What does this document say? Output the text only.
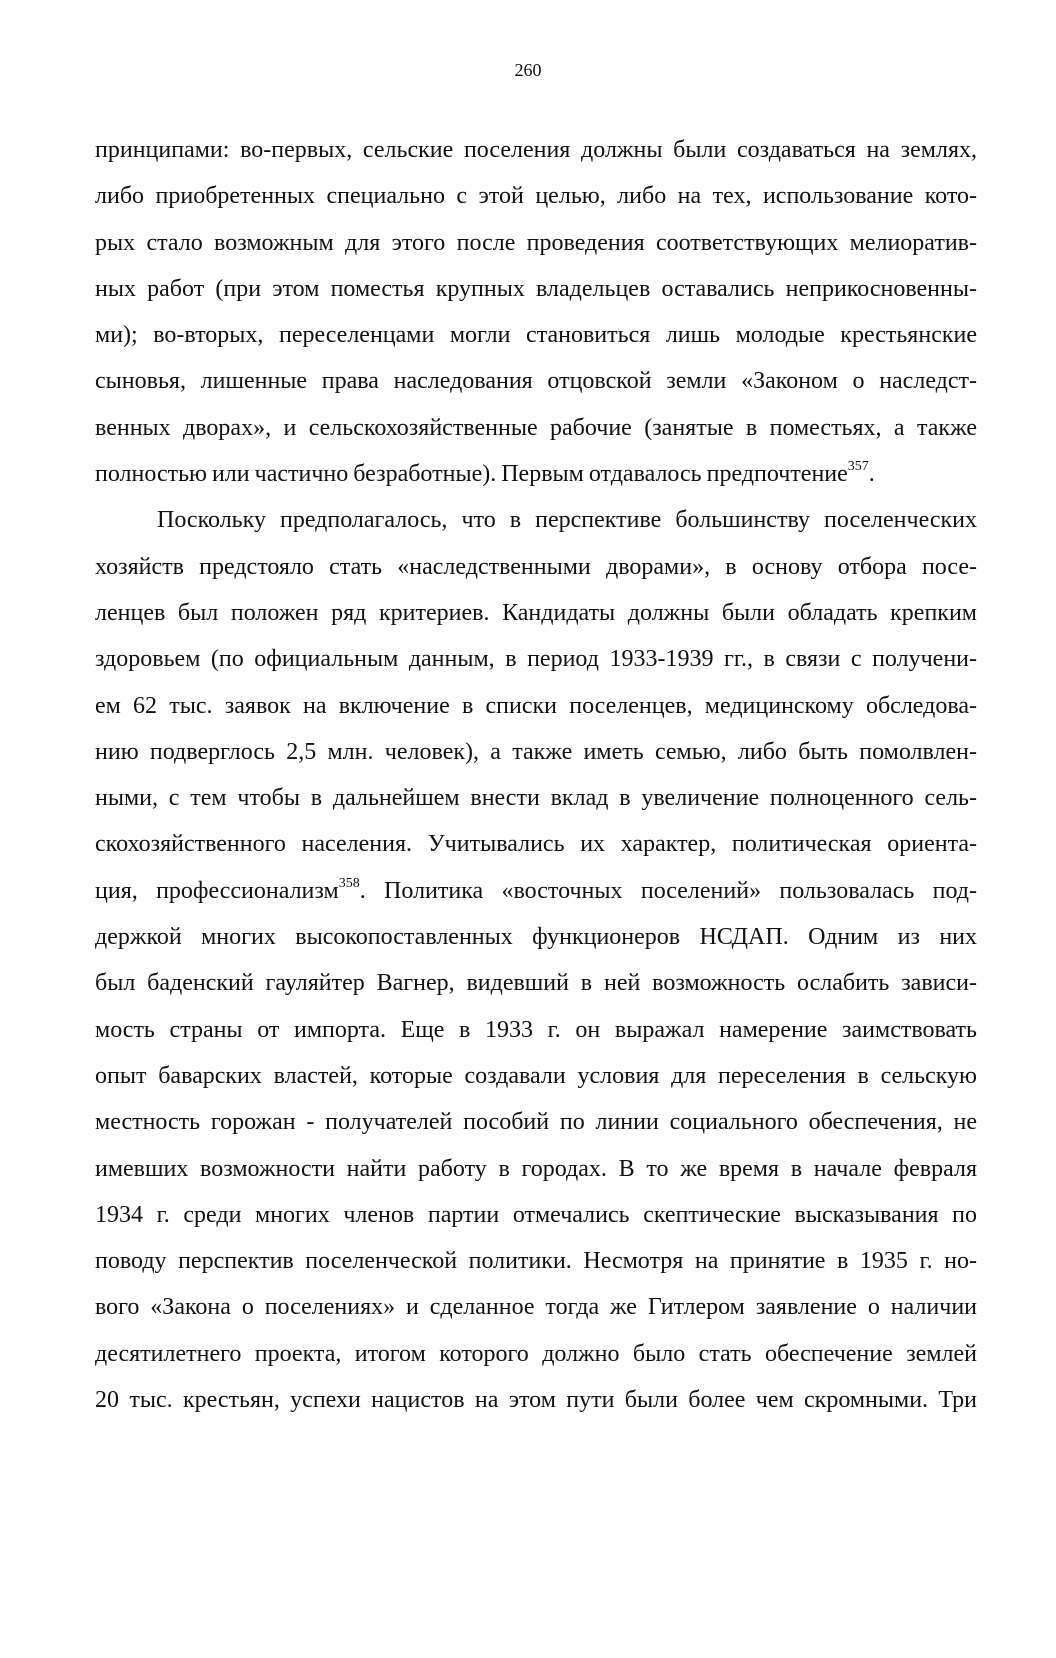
260
принципами: во-первых, сельские поселения должны были создаваться на землях,
либо приобретенных специально с этой целью, либо на тех, использование кото-
рых стало возможным для этого после проведения соответствующих мелиоратив-
ных работ (при этом поместья крупных владельцев оставались неприкосновенны-
ми); во-вторых, переселенцами могли становиться лишь молодые крестьянские
сыновья, лишенные права наследования отцовской земли «Законом о наследст-
венных дворах», и сельскохозяйственные рабочие (занятые в поместьях, а также
полностью или частично безработные). Первым отдавалось предпочтение$^{357}$.
Поскольку предполагалось, что в перспективе большинству поселенческих
хозяйств предстояло стать «наследственными дворами», в основу отбора посе-
ленцев был положен ряд критериев. Кандидаты должны были обладать крепким
здоровьем (по официальным данным, в период 1933-1939 гг., в связи с получени-
ем 62 тыс. заявок на включение в списки поселенцев, медицинскому обследова-
нию подверглось 2,5 млн. человек), а также иметь семью, либо быть помолвлен-
ными, с тем чтобы в дальнейшем внести вклад в увеличение полноценного сель-
скохозяйственного населения. Учитывались их характер, политическая ориента-
ция, профессионализм$^{358}$. Политика «восточных поселений» пользовалась под-
держкой многих высокопоставленных функционеров НСДАП. Одним из них
был баденский гауляйтер Вагнер, видевший в ней возможность ослабить зависи-
мость страны от импорта. Еще в 1933 г. он выражал намерение заимствовать
опыт баварских властей, которые создавали условия для переселения в сельскую
местность горожан - получателей пособий по линии социального обеспечения, не
имевших возможности найти работу в городах. В то же время в начале февраля
1934 г. среди многих членов партии отмечались скептические высказывания по
поводу перспектив поселенческой политики. Несмотря на принятие в 1935 г. но-
вого «Закона о поселениях» и сделанное тогда же Гитлером заявление о наличии
десятилетнего проекта, итогом которого должно было стать обеспечение землей
20 тыс. крестьян, успехи нацистов на этом пути были более чем скромными. Три
